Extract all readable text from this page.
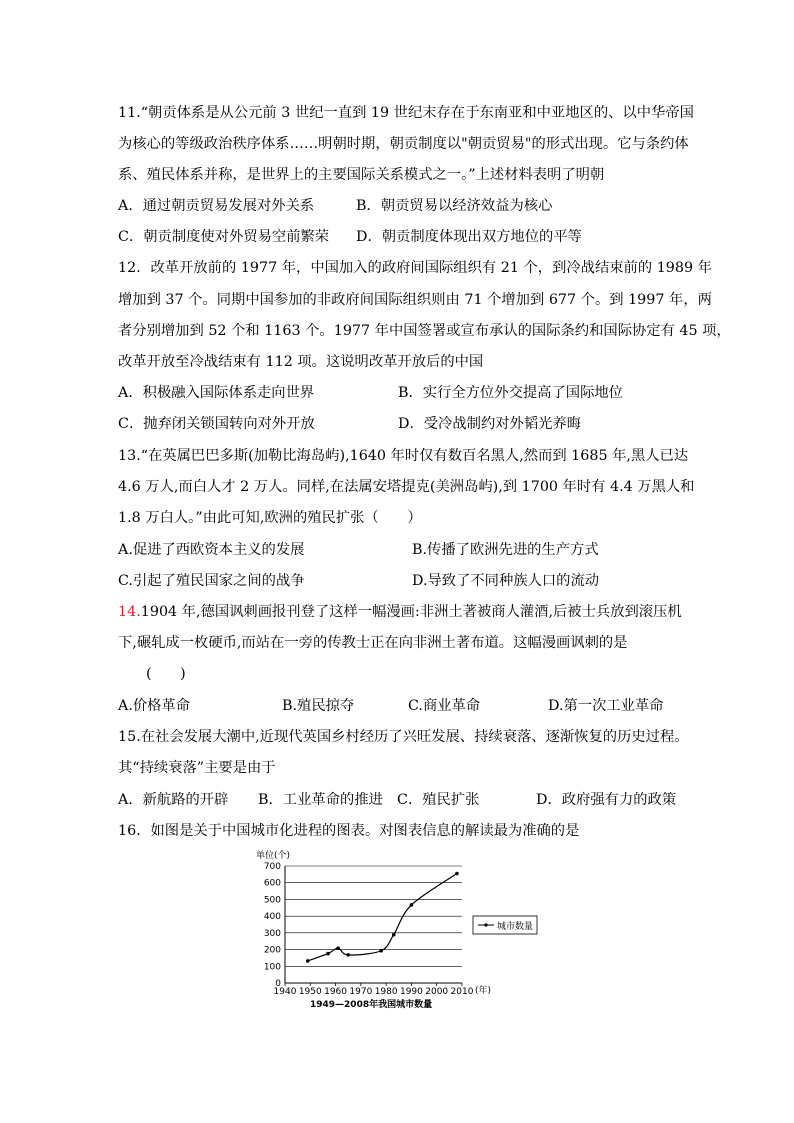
11.“朝贡体系是从公元前 3 世纪一直到 19 世纪末存在于东南亚和中亚地区的、以中华帝国
为核心的等级政治秩序体系……明朝时期，朝贡制度以"朝贡贸易"的形式出现。它与条约体
系、殖民体系并称，是世界上的主要国际关系模式之一。”上述材料表明了明朝
A．通过朝贡贸易发展对外关系	B．朝贡贸易以经济效益为核心
C．朝贡制度使对外贸易空前繁荣 D．朝贡制度体现出双方地位的平等
12．改革开放前的 1977 年，中国加入的政府间国际组织有 21 个，到冷战结束前的 1989 年
增加到 37 个。同期中国参加的非政府间国际组织则由 71 个增加到 677 个。到 1997 年，两
者分别增加到 52 个和 1163 个。1977 年中国签署或宣布承认的国际条约和国际协定有 45 项，
改革开放至冷战结束有 112 项。这说明改革开放后的中国
A．积极融入国际体系走向世界	B．实行全方位外交提高了国际地位
C．抛弃闭关锁国转向对外开放	D．受冷战制约对外韬光养晦
13.“在英属巴巴多斯(加勒比海岛屿),1640 年时仅有数百名黑人,然而到 1685 年,黑人已达
4.6 万人,而白人才 2 万人。同样,在法属安塔提克(美洲岛屿),到 1700 年时有 4.4 万黑人和
1.8 万白人。”由此可知,欧洲的殖民扩张（　　）
A.促进了西欧资本主义的发展	B.传播了欧洲先进的生产方式
C.引起了殖民国家之间的战争	D.导致了不同种族人口的流动
14.1904 年,德国讽刺画报刊登了这样一幅漫画:非洲土著被商人灌酒,后被士兵放到滚压机
下,碾轧成一枚硬币,而站在一旁的传教士正在向非洲土著布道。这幅漫画讽刺的是
(　　)
A.价格革命	B.殖民掠夺	C.商业革命	D.第一次工业革命
15.在社会发展大潮中,近现代英国乡村经历了兴旺发展、持续衰落、逐渐恢复的历史过程。
其“持续衰落”主要是由于
A．新航路的开辟 B．工业革命的推进 C．殖民扩张	D．政府强有力的政策
16．如图是关于中国城市化进程的图表。对图表信息的解读最为准确的是
0
100
200
300
400
500
600
700
1940 1950 1960 1970 1980 1990 2000 2010
单位(个)
(年)
1949—2008年我国城市数量
城市数量
